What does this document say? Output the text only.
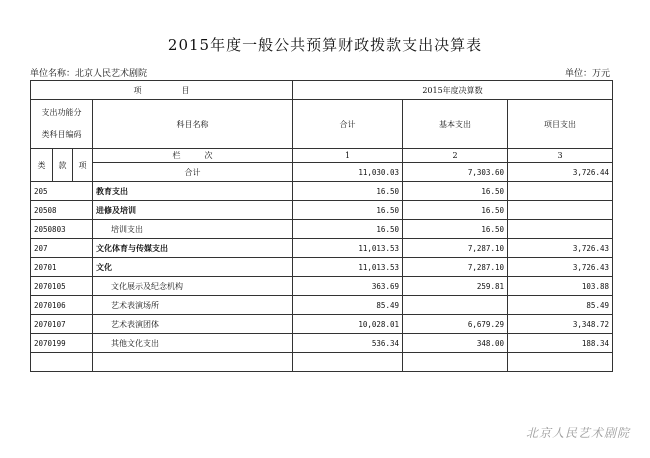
2015年度一般公共预算财政拨款支出决算表
单位名称：北京人民艺术剧院	单位：万元
项　　　　　目				2015年度决算数		

支出功能分
类科目编码			科目名称	合计	基本支出	项目支出
类	款	项	栏　　　次	1	2	3
			合计	11,030.03	7,303.60	3,726.44
205			教育支出	16.50	16.50	
20508			进修及培训	16.50	16.50	
2050803			培训支出	16.50	16.50	
207			文化体育与传媒支出	11,013.53	7,287.10	3,726.43
20701			文化	11,013.53	7,287.10	3,726.43
2070105			文化展示及纪念机构	363.69	259.81	103.88
2070106			艺术表演场所	85.49		85.49
2070107			艺术表演团体	10,028.01	6,679.29	3,348.72
2070199			其他文化支出	536.34	348.00	188.34

北京人民艺术剧院
